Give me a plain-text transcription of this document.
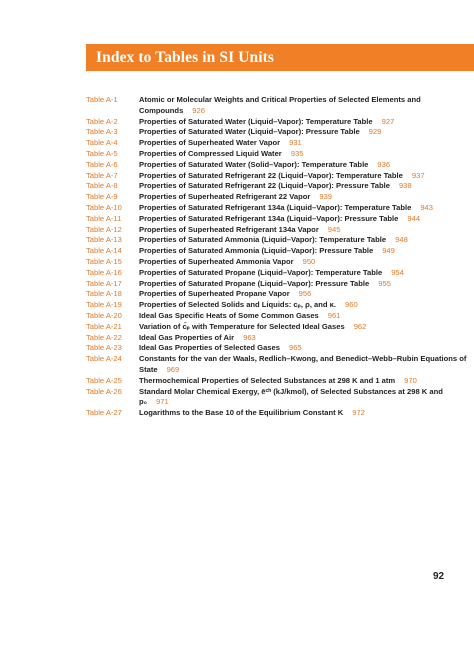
Index to Tables in SI Units
Table A-1	Atomic or Molecular Weights and Critical Properties of Selected Elements and Compounds 926
Table A-2	Properties of Saturated Water (Liquid–Vapor): Temperature Table 927
Table A-3	Properties of Saturated Water (Liquid–Vapor): Pressure Table 929
Table A-4	Properties of Superheated Water Vapor 931
Table A-5	Properties of Compressed Liquid Water 935
Table A-6	Properties of Saturated Water (Solid–Vapor): Temperature Table 936
Table A-7	Properties of Saturated Refrigerant 22 (Liquid–Vapor): Temperature Table 937
Table A-8	Properties of Saturated Refrigerant 22 (Liquid–Vapor): Pressure Table 938
Table A-9	Properties of Superheated Refrigerant 22 Vapor 939
Table A-10	Properties of Saturated Refrigerant 134a (Liquid–Vapor): Temperature Table 943
Table A-11	Properties of Saturated Refrigerant 134a (Liquid–Vapor): Pressure Table 944
Table A-12	Properties of Superheated Refrigerant 134a Vapor 945
Table A-13	Properties of Saturated Ammonia (Liquid–Vapor): Temperature Table 948
Table A-14	Properties of Saturated Ammonia (Liquid–Vapor): Pressure Table 949
Table A-15	Properties of Superheated Ammonia Vapor 950
Table A-16	Properties of Saturated Propane (Liquid–Vapor): Temperature Table 954
Table A-17	Properties of Saturated Propane (Liquid–Vapor): Pressure Table 955
Table A-18	Properties of Superheated Propane Vapor 956
Table A-19	Properties of Selected Solids and Liquids: cₚ, ρ, and κ. 960
Table A-20	Ideal Gas Specific Heats of Some Common Gases 961
Table A-21	Variation of c̄ₚ with Temperature for Selected Ideal Gases 962
Table A-22	Ideal Gas Properties of Air 963
Table A-23	Ideal Gas Properties of Selected Gases 965
Table A-24	Constants for the van der Waals, Redlich–Kwong, and Benedict–Webb–Rubin Equations of State 969
Table A-25	Thermochemical Properties of Selected Substances at 298 K and 1 atm 970
Table A-26	Standard Molar Chemical Exergy, ēᶜʰ (kJ/kmol), of Selected Substances at 298 K and p₀ 971
Table A-27	Logarithms to the Base 10 of the Equilibrium Constant K 972
92
